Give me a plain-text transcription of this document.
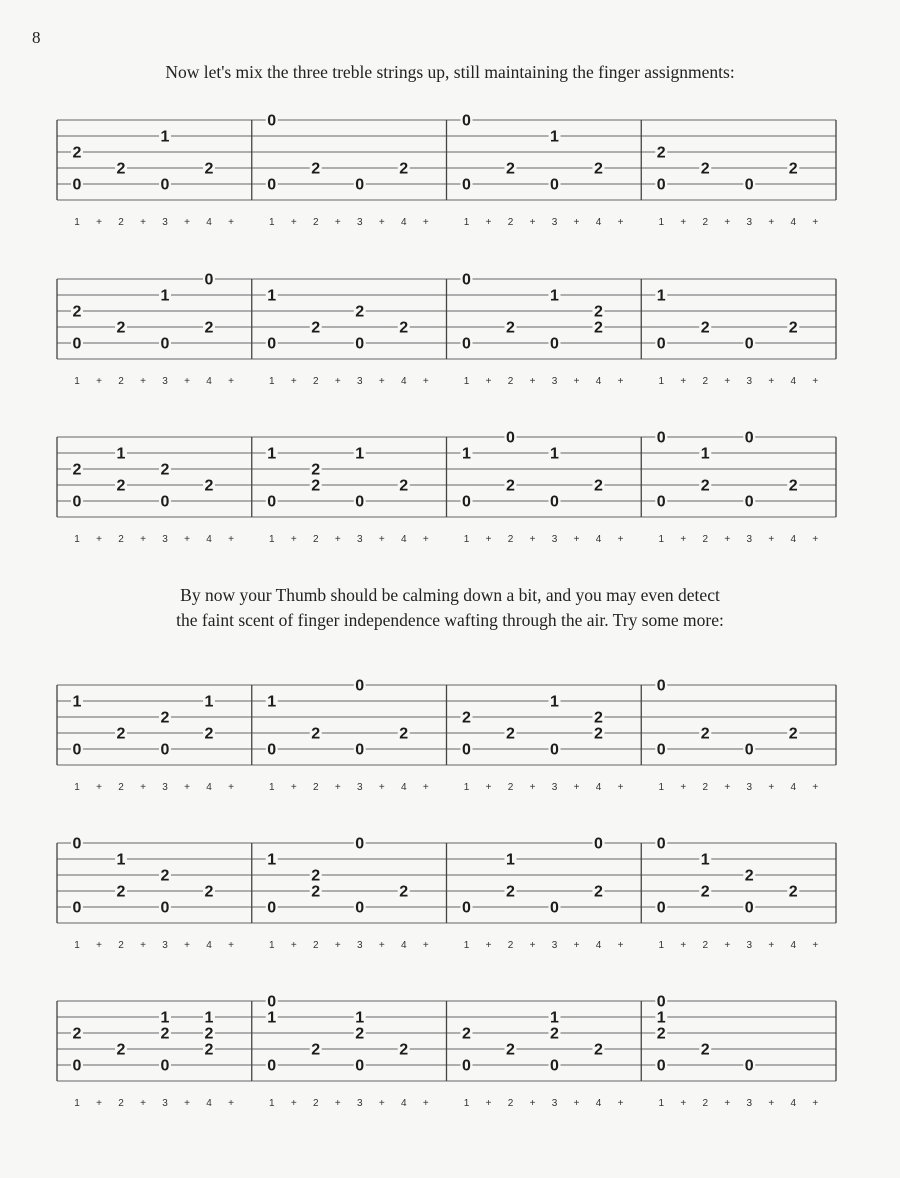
8
Now let's mix the three treble strings up, still maintaining the finger assignments:
By now your Thumb should be calming down a bit, and you may even detect
the faint scent of finger independence wafting through the air. Try some more:
2
0
2
1
0
2
1 + 2 + 3 + 4 +
0
0
2
0
2
1 + 2 + 3 + 4 +
0
0
2
1
0
2
1 + 2 + 3 + 4 +
2
0
2
0
2
1 + 2 + 3 + 4 +
2
0
2
1
0
0
2
1 + 2 + 3 + 4 +
1
0
2
2
0
2
1 + 2 + 3 + 4 +
0
0
2
1
0
2
2
1 + 2 + 3 + 4 +
1
0
2
0
2
1 + 2 + 3 + 4 +
2
0
1
2
2
0
2
1 + 2 + 3 + 4 +
1
0
2
2
1
0
2
1 + 2 + 3 + 4 +
1
0
0
2
1
0
2
1 + 2 + 3 + 4 +
0
0
1
2
0
0
2
1 + 2 + 3 + 4 +
1
0
2
2
0
1
2
1 + 2 + 3 + 4 +
1
0
2
0
0
2
1 + 2 + 3 + 4 +
2
0
2
1
0
2
2
1 + 2 + 3 + 4 +
0
0
2
0
2
1 + 2 + 3 + 4 +
0
0
1
2
2
0
2
1 + 2 + 3 + 4 +
1
0
2
2
0
0
2
1 + 2 + 3 + 4 +
0
1
2
0
0
2
1 + 2 + 3 + 4 +
0
0
1
2
2
0
2
1 + 2 + 3 + 4 +
2
0
2
1
2
0
1
2
2
1 + 2 + 3 + 4 +
0
1
0
2
1
2
0
2
1 + 2 + 3 + 4 +
2
0
2
1
2
0
2
1 + 2 + 3 + 4 +
0
1
2
0
2
0
1 + 2 + 3 + 4 +
